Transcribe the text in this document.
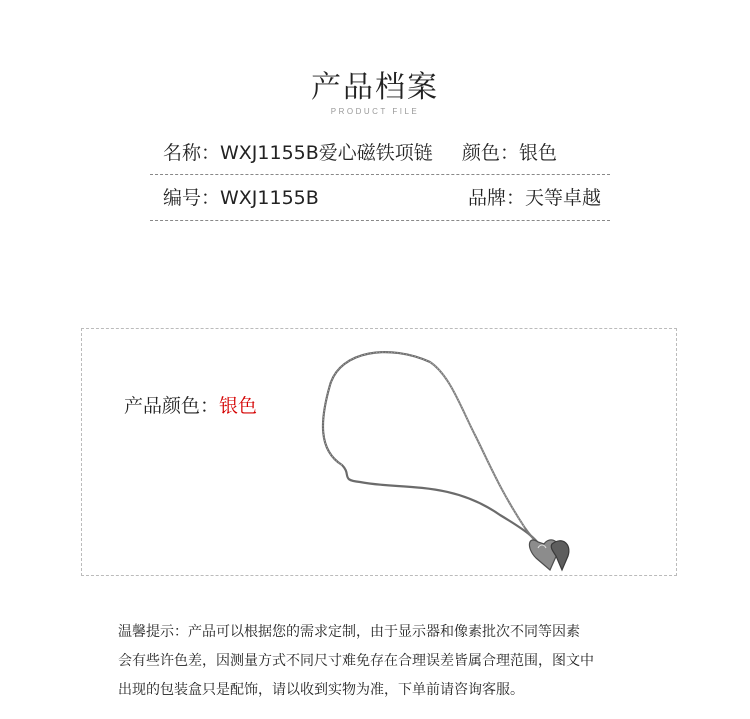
产品档案
PRODUCT FILE
名称：WXJ1155B爱心磁铁项链 颜色：银色
编号：WXJ1155B	品牌：天等卓越
产品颜色：银色
温馨提示：产品可以根据您的需求定制，由于显示器和像素批次不同等因素
会有些许色差，因测量方式不同尺寸难免存在合理误差皆属合理范围，图文中
出现的包装盒只是配饰，请以收到实物为准，下单前请咨询客服。
